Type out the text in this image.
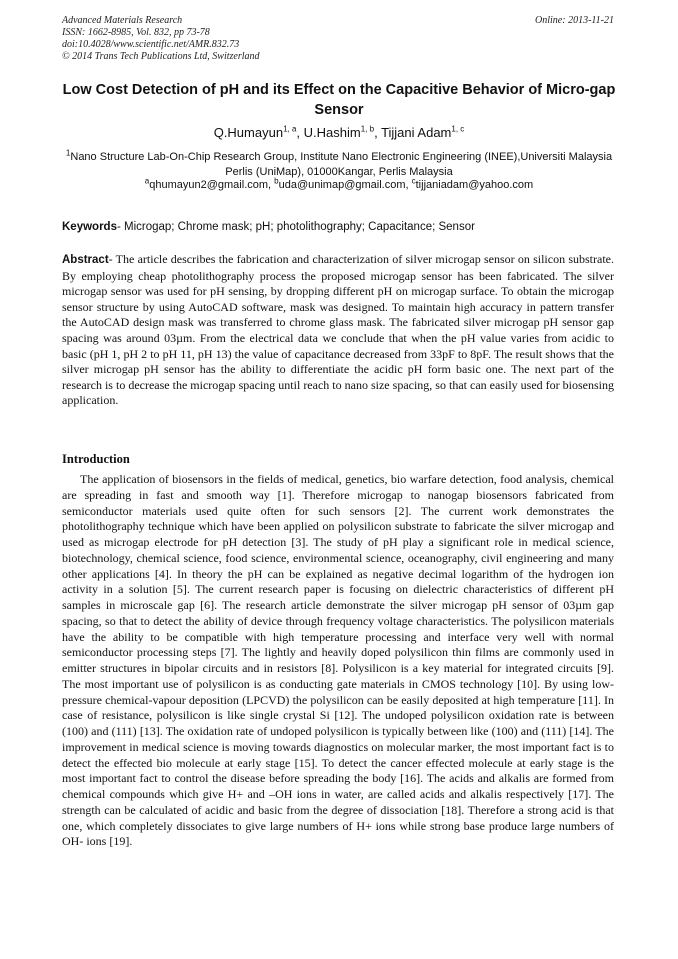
Advanced Materials Research
ISSN: 1662-8985, Vol. 832, pp 73-78
doi:10.4028/www.scientific.net/AMR.832.73
© 2014 Trans Tech Publications Ltd, Switzerland
Online: 2013-11-21
Low Cost Detection of pH and its Effect on the Capacitive Behavior of Micro-gap Sensor
Q.Humayun$^{1, a}$, U.Hashim$^{1, b}$, Tijjani Adam$^{1, c}$
$^1$Nano Structure Lab-On-Chip Research Group, Institute Nano Electronic Engineering (INEE),Universiti Malaysia Perlis (UniMap), 01000Kangar, Perlis Malaysia
$^a$qhumayun2@gmail.com, $^b$uda@unimap@gmail.com, $^c$tijjaniadam@yahoo.com
Keywords- Microgap; Chrome mask; pH; photolithography; Capacitance; Sensor
Abstract- The article describes the fabrication and characterization of silver microgap sensor on silicon substrate. By employing cheap photolithography process the proposed microgap sensor has been fabricated. The silver microgap sensor was used for pH sensing, by dropping different pH on microgap surface. To obtain the microgap sensor structure by using AutoCAD software, mask was designed. To maintain high accuracy in pattern transfer the AutoCAD design mask was transferred to chrome glass mask. The fabricated silver microgap pH sensor gap spacing was around 03µm. From the electrical data we conclude that when the pH value varies from acidic to basic (pH 1, pH 2 to pH 11, pH 13) the value of capacitance decreased from 33pF to 8pF. The result shows that the silver microgap pH sensor has the ability to differentiate the acidic pH form basic one. The next part of the research is to decrease the microgap spacing until reach to nano size spacing, so that can easily used for biosensing application.
Introduction

The application of biosensors in the fields of medical, genetics, bio warfare detection, food analysis, chemical are spreading in fast and smooth way [1]. Therefore microgap to nanogap biosensors fabricated from semiconductor materials used quite often for such sensors [2]. The current work demonstrates the photolithography technique which have been applied on polysilicon substrate to fabricate the silver microgap and used as microgap electrode for pH detection [3]. The study of pH play a significant role in medical science, biotechnology, chemical science, food science, environmental science, oceanography, civil engineering and many other applications [4]. In theory the pH can be explained as negative decimal logarithm of the hydrogen ion activity in a solution [5]. The current research paper is focusing on dielectric characteristics of different pH samples in microscale gap [6]. The research article demonstrate the silver microgap pH sensor of 03µm gap spacing, so that to detect the ability of device through frequency voltage characteristics. The polysilicon materials have the ability to be compatible with high temperature processing and interface very well with normal semiconductor processing steps [7]. The lightly and heavily doped polysilicon thin films are commonly used in emitter structures in bipolar circuits and in resistors [8]. Polysilicon is a key material for integrated circuits [9]. The most important use of polysilicon is as conducting gate materials in CMOS technology [10]. By using low- pressure chemical-vapour deposition (LPCVD) the polysilicon can be easily deposited at high temperature [11]. In case of resistance, polysilicon is like single crystal Si [12]. The undoped polysilicon oxidation rate is between (100) and (111) [13]. The oxidation rate of undoped polysilicon is typically between like (100) and (111) [14]. The improvement in medical science is moving towards diagnostics on molecular marker, the most important fact is to detect the effected bio molecule at early stage [15]. To detect the cancer effected molecule at early stage is the most important fact to control the disease before spreading the body [16]. The acids and alkalis are formed from chemical compounds which give H+ and –OH ions in water, are called acids and alkalis respectively [17]. The strength can be calculated of acidic and basic from the degree of dissociation [18]. Therefore a strong acid is that one, which completely dissociates to give large numbers of H+ ions while strong base produce large numbers of OH- ions [19].
